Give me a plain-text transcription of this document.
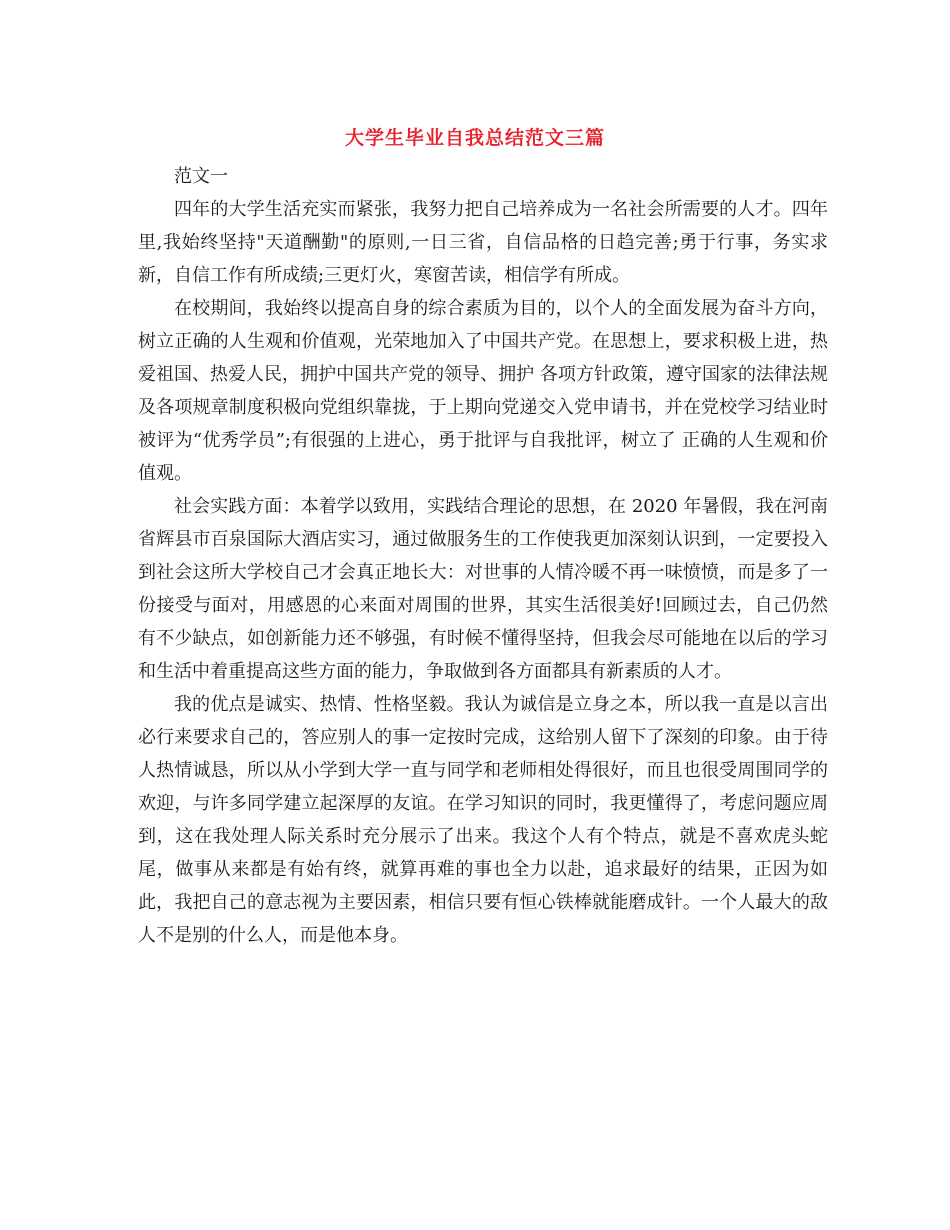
大学生毕业自我总结范文三篇

范文一

四年的大学生活充实而紧张，我努力把自己培养成为一名社会所需要的人才。四年里,我始终坚持"天道酬勤"的原则,一日三省，自信品格的日趋完善;勇于行事，务实求新，自信工作有所成绩;三更灯火，寒窗苦读，相信学有所成。

在校期间，我始终以提高自身的综合素质为目的，以个人的全面发展为奋斗方向，树立正确的人生观和价值观，光荣地加入了中国共产党。在思想上，要求积极上进，热爱祖国、热爱人民，拥护中国共产党的领导、拥护 各项方针政策，遵守国家的法律法规及各项规章制度积极向党组织靠拢，于上期向党递交入党申请书，并在党校学习结业时被评为“优秀学员”;有很强的上进心，勇于批评与自我批评，树立了 正确的人生观和价值观。

社会实践方面：本着学以致用，实践结合理论的思想，在 2020 年暑假，我在河南省辉县市百泉国际大酒店实习，通过做服务生的工作使我更加深刻认识到，一定要投入到社会这所大学校自己才会真正地长大：对世事的人情冷暖不再一味愤愤，而是多了一份接受与面对，用感恩的心来面对周围的世界，其实生活很美好!回顾过去，自己仍然有不少缺点，如创新能力还不够强，有时候不懂得坚持，但我会尽可能地在以后的学习和生活中着重提高这些方面的能力，争取做到各方面都具有新素质的人才。

我的优点是诚实、热情、性格坚毅。我认为诚信是立身之本，所以我一直是以言出必行来要求自己的，答应别人的事一定按时完成，这给别人留下了深刻的印象。由于待人热情诚恳，所以从小学到大学一直与同学和老师相处得很好，而且也很受周围同学的欢迎，与许多同学建立起深厚的友谊。在学习知识的同时，我更懂得了，考虑问题应周到，这在我处理人际关系时充分展示了出来。我这个人有个特点，就是不喜欢虎头蛇尾，做事从来都是有始有终，就算再难的事也全力以赴，追求最好的结果，正因为如此，我把自己的意志视为主要因素，相信只要有恒心铁棒就能磨成针。一个人最大的敌人不是别的什么人，而是他本身。
